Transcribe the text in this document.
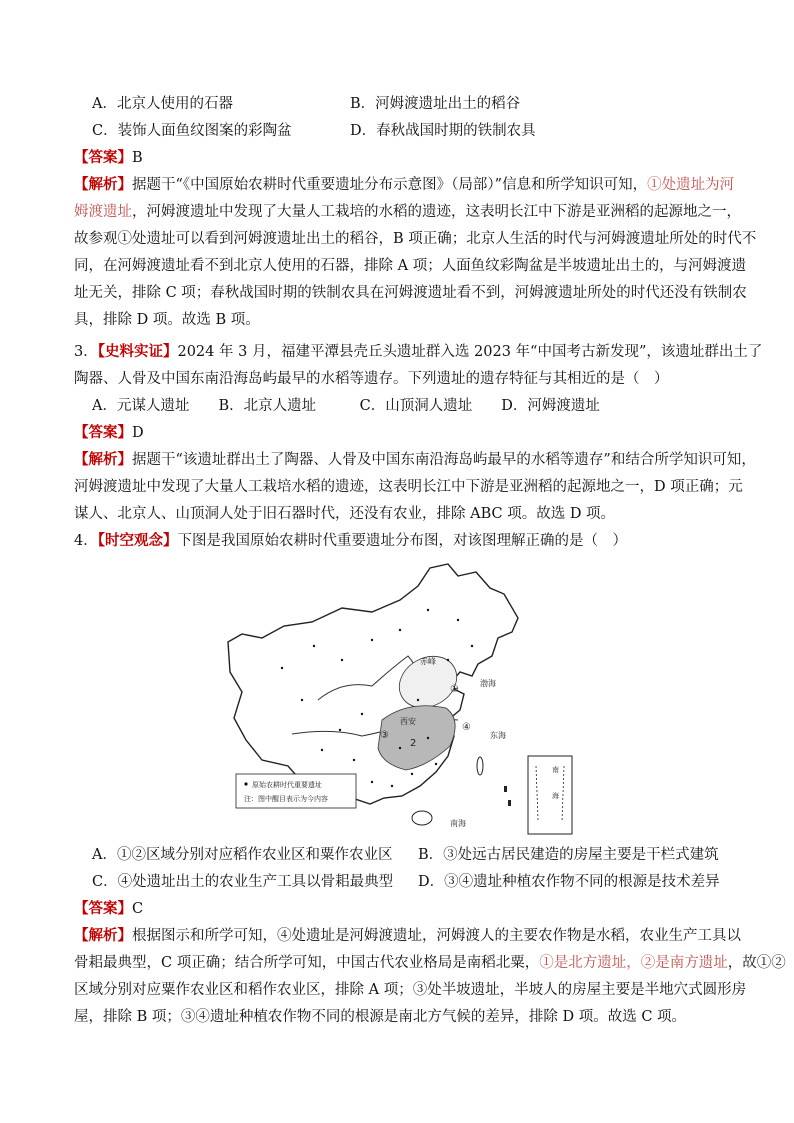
A．北京人使用的石器	B．河姆渡遗址出土的稻谷
C．装饰人面鱼纹图案的彩陶盆	D．春秋战国时期的铁制农具
【答案】B
【解析】据题干“《中国原始农耕时代重要遗址分布示意图》（局部）”信息和所学知识可知，①处遗址为河
姆渡遗址，河姆渡遗址中发现了大量人工栽培的水稻的遗迹，这表明长江中下游是亚洲稻的起源地之一，
故参观①处遗址可以看到河姆渡遗址出土的稻谷，B 项正确；北京人生活的时代与河姆渡遗址所处的时代不
同，在河姆渡遗址看不到北京人使用的石器，排除 A 项；人面鱼纹彩陶盆是半坡遗址出土的，与河姆渡遗
址无关，排除 C 项；春秋战国时期的铁制农具在河姆渡遗址看不到，河姆渡遗址所处的时代还没有铁制农
具，排除 D 项。故选 B 项。
3．【史料实证】2024 年 3 月，福建平潭县壳丘头遗址群入选 2023 年“中国考古新发现”，该遗址群出土了
陶器、人骨及中国东南沿海岛屿最早的水稻等遗存。下列遗址的遗存特征与其相近的是（　）
A．元谋人遗址　　B．北京人遗址　　　C．山顶洞人遗址　　D．河姆渡遗址
【答案】D
【解析】据题干“该遗址群出土了陶器、人骨及中国东南沿海岛屿最早的水稻等遗存”和结合所学知识可知，
河姆渡遗址中发现了大量人工栽培水稻的遗迹，这表明长江中下游是亚洲稻的起源地之一，D 项正确；元
谋人、北京人、山顶洞人处于旧石器时代，还没有农业，排除 ABC 项。故选 D 项。
4．【时空观念】下图是我国原始农耕时代重要遗址分布图，对该图理解正确的是（　）
赤峰
西安
渤海
东海
南海
①
2
③
④
原始农耕时代重要遗址
注：图中醒目表示为今内容
南
海
A．①②区域分别对应稻作农业区和粟作农业区 B．③处远古居民建造的房屋主要是干栏式建筑
C．④处遗址出土的农业生产工具以骨耜最典型 D．③④遗址种植农作物不同的根源是技术差异
【答案】C
【解析】根据图示和所学可知，④处遗址是河姆渡遗址，河姆渡人的主要农作物是水稻，农业生产工具以
骨耜最典型，C 项正确；结合所学可知，中国古代农业格局是南稻北粟，①是北方遗址，②是南方遗址，故①②
区域分别对应粟作农业区和稻作农业区，排除 A 项；③处半坡遗址，半坡人的房屋主要是半地穴式圆形房
屋，排除 B 项；③④遗址种植农作物不同的根源是南北方气候的差异，排除 D 项。故选 C 项。
